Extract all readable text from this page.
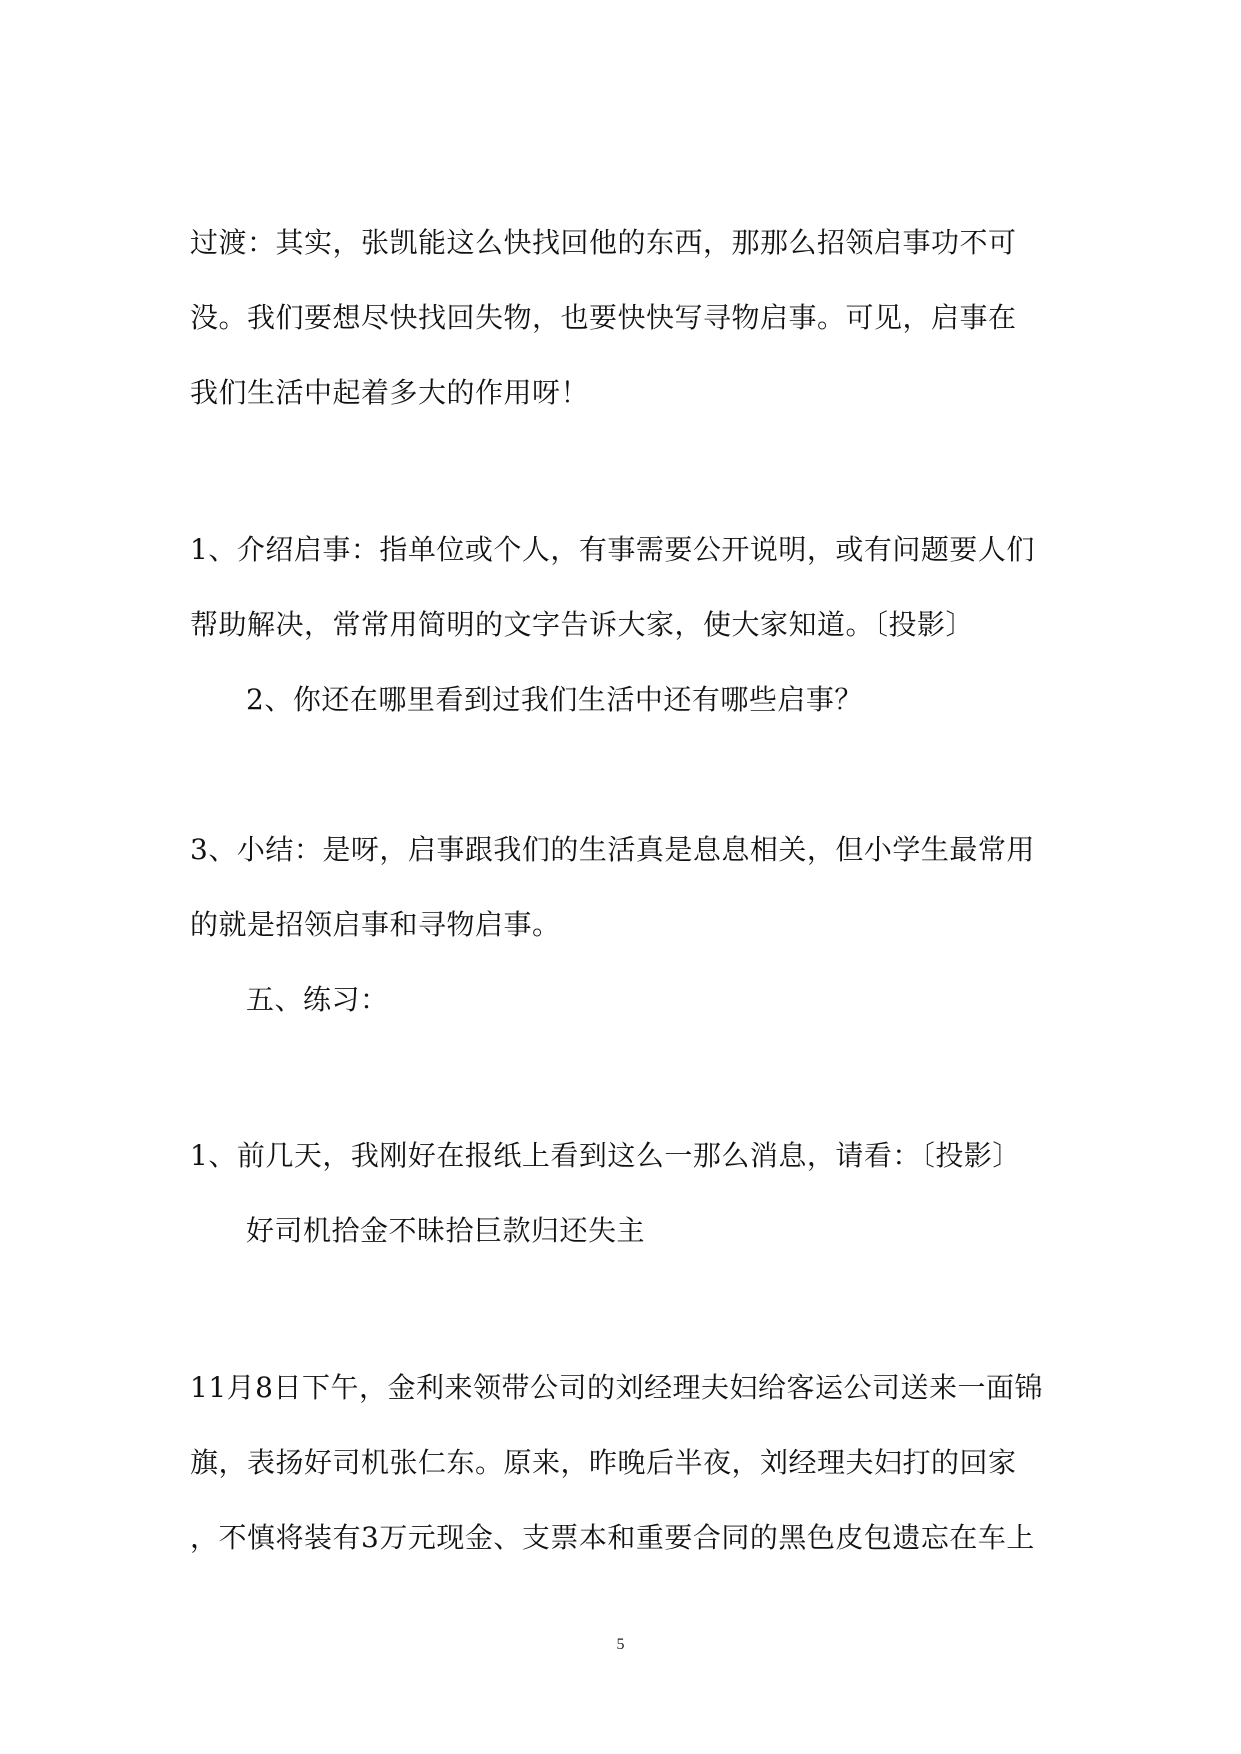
过渡：其实，张凯能这么快找回他的东西，那那么招领启事功不可
没。我们要想尽快找回失物，也要快快写寻物启事。可见，启事在
我们生活中起着多大的作用呀！
1、介绍启事：指单位或个人，有事需要公开说明，或有问题要人们
帮助解决，常常用简明的文字告诉大家，使大家知道。〔投影〕
2、你还在哪里看到过我们生活中还有哪些启事？
3、小结：是呀，启事跟我们的生活真是息息相关，但小学生最常用
的就是招领启事和寻物启事。
五、练习：
1、前几天，我刚好在报纸上看到这么一那么消息，请看：〔投影〕
好司机拾金不昧拾巨款归还失主
11月8日下午，金利来领带公司的刘经理夫妇给客运公司送来一面锦
旗，表扬好司机张仁东。原来，昨晚后半夜，刘经理夫妇打的回家
，不慎将装有3万元现金、支票本和重要合同的黑色皮包遗忘在车上
5
